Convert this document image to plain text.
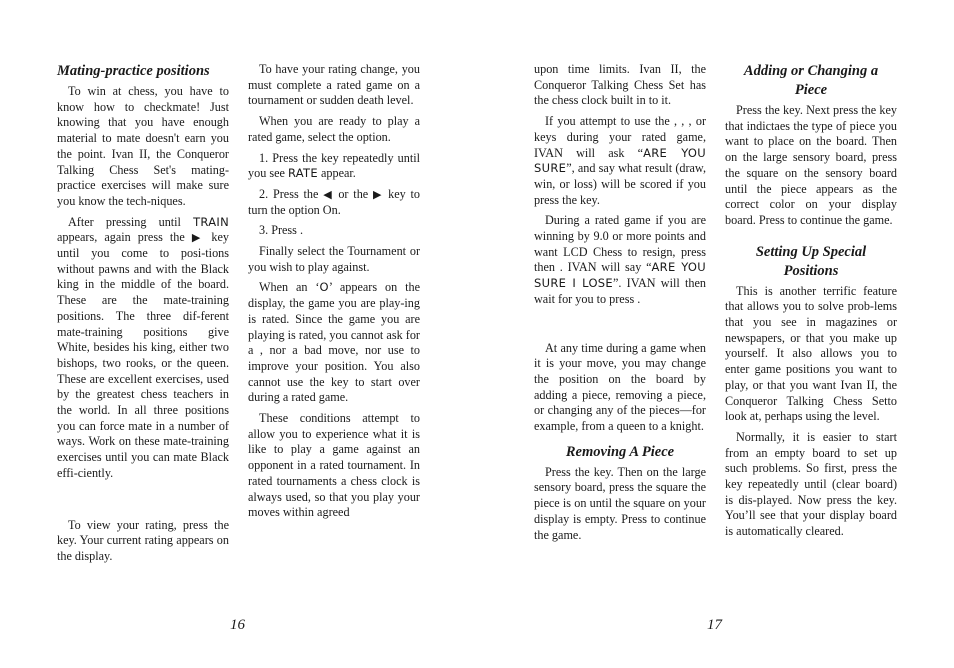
Mating-practice positions

To win at chess, you have to know how to checkmate! Just knowing that you have enough material to mate doesn't earn you the point. Ivan II, the Conqueror Talking Chess Set's mating-practice exercises will make sure you know the tech-niques.

After pressing until TRAIN appears, again press the ▶ key until you come to posi-tions without pawns and with the Black king in the middle of the board. These are the mate-training positions. The three dif-ferent mate-training positions give White, besides his king, either two bishops, two rooks, or the queen. These are excellent exercises, used by the greatest chess teachers in the world. In all three positions you can force mate in a number of ways. Work on these mate-training exercises until you can mate Black effi-ciently.

To view your rating, press the key. Your current rating appears on the display.

To have your rating change, you must complete a rated game on a tournament or sudden death level.

When you are ready to play a rated game, select the option.

1. Press the key repeatedly until you see RATE appear.

2. Press the ◀ or the ▶ key to turn the option On.

3. Press .

Finally select the Tournament or you wish to play against.

When an ‘O’ appears on the display, the game you are play-ing is rated. Since the game you are playing is rated, you cannot ask for a , nor a bad move, nor use to improve your position. You also cannot use the key to start over during a rated game.

These conditions attempt to allow you to experience what it is like to play a game against an opponent in a rated tournament. In rated tournaments a chess clock is always used, so that you play your moves within agreed

16

upon time limits. Ivan II, the Conqueror Talking Chess Set has the chess clock built in to it.

If you attempt to use the , , , or keys during your rated game, IVAN will ask “ARE YOU SURE”, and say what result (draw, win, or loss) will be scored if you press the key.

During a rated game if you are winning by 9.0 or more points and want LCD Chess to resign, press then . IVAN will say “ARE YOU SURE I LOSE”. IVAN will then wait for you to press .

At any time during a game when it is your move, you may change the position on the board by adding a piece, removing a piece, or changing any of the pieces—for example, from a queen to a knight.

Removing A Piece

Press the key. Then on the large sensory board, press the square the piece is on until the square on your display is empty. Press to continue the game.

Adding or Changing a Piece

Press the key. Next press the key that indictaes the type of piece you want to place on the board. Then on the large sensory board, press the square on the sensory board until the piece appears as the correct color on your display board. Press to continue the game.

Setting Up Special Positions

This is another terrific feature that allows you to solve prob-lems that you see in magazines or newspapers, or that you make up yourself. It also allows you to enter game positions you want to play, or that you want Ivan II, the Conqueror Talking Chess Setto look at, perhaps using the level.

Normally, it is easier to start from an empty board to set up such problems. So first, press the key repeatedly until (clear board) is dis-played. Now press the key. You’ll see that your display board is automatically cleared.

17
